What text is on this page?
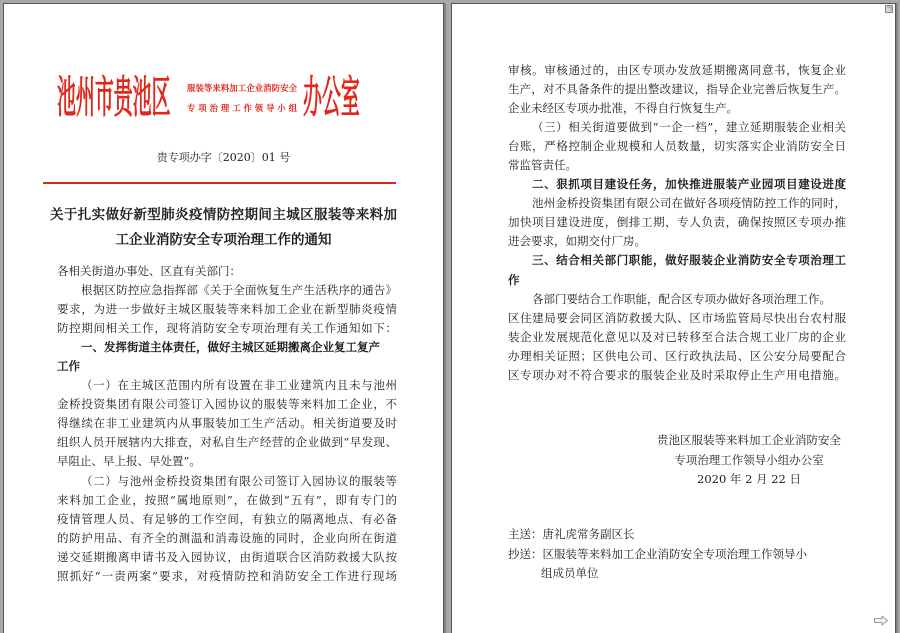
池州市贵池区 服装等来料加工企业消防安全
专项治理工作领导小组 办公室
贵专项办字〔2020〕01 号
关于扎实做好新型肺炎疫情防控期间主城区服装等来料加
工企业消防安全专项治理工作的通知
各相关街道办事处、区直有关部门：
根据区防控应急指挥部《关于全面恢复生产生活秩序的通告》
要求，为进一步做好主城区服装等来料加工企业在新型肺炎疫情
防控期间相关工作，现将消防安全专项治理有关工作通知如下：
一、发挥街道主体责任，做好主城区延期搬离企业复工复产
工作
（一）在主城区范围内所有设置在非工业建筑内且未与池州
金桥投资集团有限公司签订入园协议的服装等来料加工企业，不
得继续在非工业建筑内从事服装加工生产活动。相关街道要及时
组织人员开展辖内大排查，对私自生产经营的企业做到“早发现、
早阻止、早上报、早处置”。
（二）与池州金桥投资集团有限公司签订入园协议的服装等
来料加工企业，按照“属地原则”，在做到“五有”，即有专门的
疫情管理人员、有足够的工作空间，有独立的隔离地点、有必备
的防护用品、有齐全的测温和消毒设施的同时，企业向所在街道
递交延期搬离申请书及入园协议，由街道联合区消防救援大队按
照抓好“一责两案”要求，对疫情防控和消防安全工作进行现场
审核。审核通过的，由区专项办发放延期搬离同意书，恢复企业
生产，对不具备条件的提出整改建议，指导企业完善后恢复生产。
企业未经区专项办批准，不得自行恢复生产。
（三）相关街道要做到“一企一档”，建立延期服装企业相关
台账，严格控制企业规模和人员数量，切实落实企业消防安全日
常监管责任。
二、狠抓项目建设任务，加快推进服装产业园项目建设进度
池州金桥投资集团有限公司在做好各项疫情防控工作的同时，
加快项目建设进度，倒排工期，专人负责，确保按照区专项办推
进会要求，如期交付厂房。
三、结合相关部门职能，做好服装企业消防安全专项治理工
作
各部门要结合工作职能，配合区专项办做好各项治理工作。
区住建局要会同区消防救援大队、区市场监管局尽快出台农村服
装企业发展规范化意见以及对已转移至合法合规工业厂房的企业
办理相关证照；区供电公司、区行政执法局、区公安分局要配合
区专项办对不符合要求的服装企业及时采取停止生产用电措施。
贵池区服装等来料加工企业消防安全
专项治理工作领导小组办公室
2020 年 2 月 22 日
主送：唐礼虎常务副区长
抄送：区服装等来料加工企业消防安全专项治理工作领导小
组成员单位
